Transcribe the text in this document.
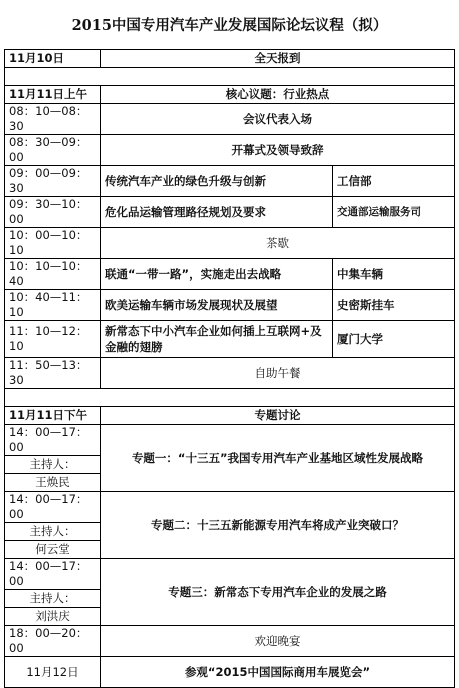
2015中国专用汽车产业发展国际论坛议程（拟）
11月10日	全天报到	

11月11日上午	核心议题：行业热点	
08：10—08：30	会议代表入场	
08：30—09：00	开幕式及领导致辞	
09：00—09：30	传统汽车产业的绿色升级与创新	工信部
09：30—10：00	危化品运输管理路径规划及要求	交通部运输服务司
10：00—10：10	茶歇	
10：10—10：40	联通“一带一路”，实施走出去战略	中集车辆
10：40—11：10	欧美运输车辆市场发展现状及展望	史密斯挂车
11：10—12：10	新常态下中小汽车企业如何插上互联网+及金融的翅膀	厦门大学
11：50—13：30	自助午餐	

11月11日下午	专题讨论	
14：00—17：00	专题一：“十三五”我国专用汽车产业基地区域性发展战略	
主持人：		
王焕民		
14：00—17：00	专题二：十三五新能源专用汽车将成产业突破口？	
主持人：		
何云堂		
14：00—17：00	专题三：新常态下专用汽车企业的发展之路	
主持人：		
刘洪庆		
18：00—20：00	欢迎晚宴	
11月12日	参观“2015中国国际商用车展览会”	
